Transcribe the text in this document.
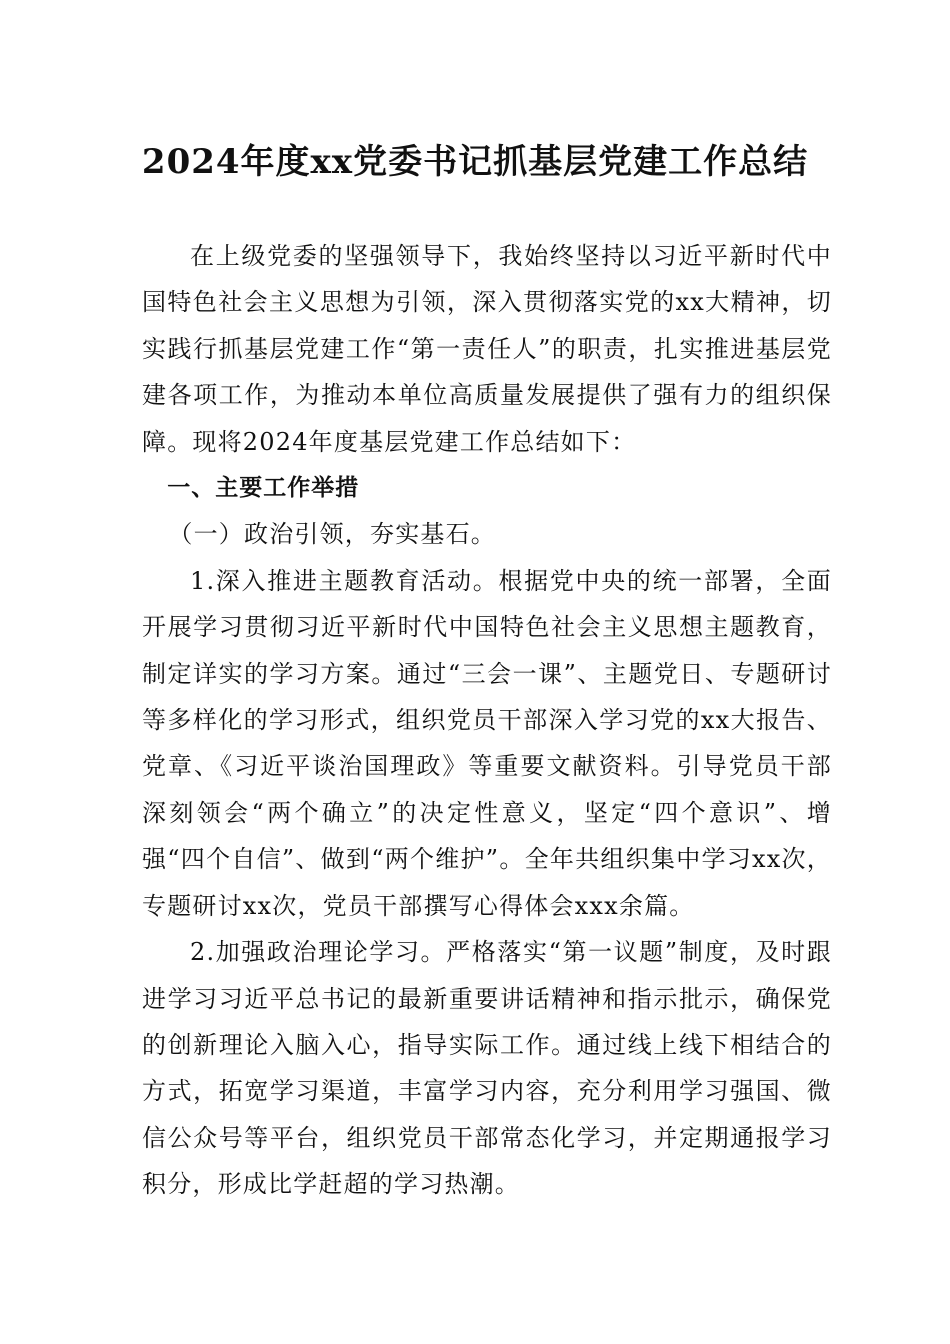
2024年度xx党委书记抓基层党建工作总结

在上级党委的坚强领导下，我始终坚持以习近平新时代中国特色社会主义思想为引领，深入贯彻落实党的xx大精神，切实践行抓基层党建工作“第一责任人”的职责，扎实推进基层党建各项工作，为推动本单位高质量发展提供了强有力的组织保障。现将2024年度基层党建工作总结如下：

一、主要工作举措

（一）政治引领，夯实基石。

1.深入推进主题教育活动。根据党中央的统一部署，全面开展学习贯彻习近平新时代中国特色社会主义思想主题教育，制定详实的学习方案。通过“三会一课”、主题党日、专题研讨等多样化的学习形式，组织党员干部深入学习党的xx大报告、党章、《习近平谈治国理政》等重要文献资料。引导党员干部深刻领会“两个确立”的决定性意义，坚定“四个意识”、增强“四个自信”、做到“两个维护”。全年共组织集中学习xx次，专题研讨xx次，党员干部撰写心得体会xxx余篇。

2.加强政治理论学习。严格落实“第一议题”制度，及时跟进学习习近平总书记的最新重要讲话精神和指示批示，确保党的创新理论入脑入心，指导实际工作。通过线上线下相结合的方式，拓宽学习渠道，丰富学习内容，充分利用学习强国、微信公众号等平台，组织党员干部常态化学习，并定期通报学习积分，形成比学赶超的学习热潮。
